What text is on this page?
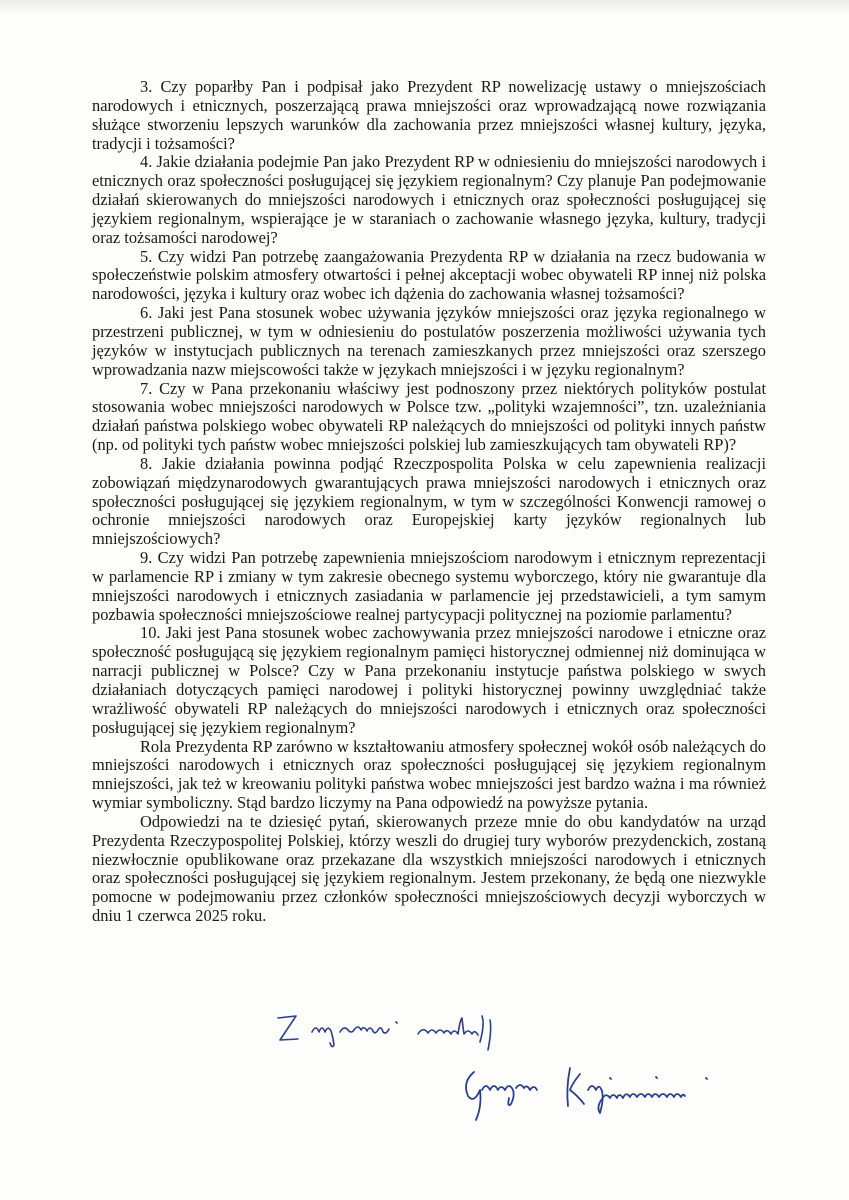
3. Czy poparłby Pan i podpisał jako Prezydent RP nowelizację ustawy o mniejszościach narodowych i etnicznych, poszerzającą prawa mniejszości oraz wprowadzającą nowe rozwiązania służące stworzeniu lepszych warunków dla zachowania przez mniejszości własnej kultury, języka, tradycji i tożsamości?

4. Jakie działania podejmie Pan jako Prezydent RP w odniesieniu do mniejszości narodowych i etnicznych oraz społeczności posługującej się językiem regionalnym? Czy planuje Pan podejmowanie działań skierowanych do mniejszości narodowych i etnicznych oraz społeczności posługującej się językiem regionalnym, wspierające je w staraniach o zachowanie własnego języka, kultury, tradycji oraz tożsamości narodowej?

5. Czy widzi Pan potrzebę zaangażowania Prezydenta RP w działania na rzecz budowania w społeczeństwie polskim atmosfery otwartości i pełnej akceptacji wobec obywateli RP innej niż polska narodowości, języka i kultury oraz wobec ich dążenia do zachowania własnej tożsamości?

6. Jaki jest Pana stosunek wobec używania języków mniejszości oraz języka regionalnego w przestrzeni publicznej, w tym w odniesieniu do postulatów poszerzenia możliwości używania tych języków w instytucjach publicznych na terenach zamieszkanych przez mniejszości oraz szerszego wprowadzania nazw miejscowości także w językach mniejszości i w języku regionalnym?

7. Czy w Pana przekonaniu właściwy jest podnoszony przez niektórych polityków postulat stosowania wobec mniejszości narodowych w Polsce tzw. „polityki wzajemności”, tzn. uzależniania działań państwa polskiego wobec obywateli RP należących do mniejszości od polityki innych państw (np. od polityki tych państw wobec mniejszości polskiej lub zamieszkujących tam obywateli RP)?

8. Jakie działania powinna podjąć Rzeczpospolita Polska w celu zapewnienia realizacji zobowiązań międzynarodowych gwarantujących prawa mniejszości narodowych i etnicznych oraz społeczności posługującej się językiem regionalnym, w tym w szczególności Konwencji ramowej o ochronie mniejszości narodowych oraz Europejskiej karty języków regionalnych lub mniejszościowych?

9. Czy widzi Pan potrzebę zapewnienia mniejszościom narodowym i etnicznym reprezentacji w parlamencie RP i zmiany w tym zakresie obecnego systemu wyborczego, który nie gwarantuje dla mniejszości narodowych i etnicznych zasiadania w parlamencie jej przedstawicieli, a tym samym pozbawia społeczności mniejszościowe realnej partycypacji politycznej na poziomie parlamentu?

10. Jaki jest Pana stosunek wobec zachowywania przez mniejszości narodowe i etniczne oraz społeczność posługującą się językiem regionalnym pamięci historycznej odmiennej niż dominująca w narracji publicznej w Polsce? Czy w Pana przekonaniu instytucje państwa polskiego w swych działaniach dotyczących pamięci narodowej i polityki historycznej powinny uwzględniać także wrażliwość obywateli RP należących do mniejszości narodowych i etnicznych oraz społeczności posługującej się językiem regionalnym?

Rola Prezydenta RP zarówno w kształtowaniu atmosfery społecznej wokół osób należących do mniejszości narodowych i etnicznych oraz społeczności posługującej się językiem regionalnym mniejszości, jak też w kreowaniu polityki państwa wobec mniejszości jest bardzo ważna i ma również wymiar symboliczny. Stąd bardzo liczymy na Pana odpowiedź na powyższe pytania.

Odpowiedzi na te dziesięć pytań, skierowanych przeze mnie do obu kandydatów na urząd Prezydenta Rzeczypospolitej Polskiej, którzy weszli do drugiej tury wyborów prezydenckich, zostaną niezwłocznie opublikowane oraz przekazane dla wszystkich mniejszości narodowych i etnicznych oraz społeczności posługującej się językiem regionalnym. Jestem przekonany, że będą one niezwykle pomocne w podejmowaniu przez członków społeczności mniejszościowych decyzji wyborczych w dniu 1 czerwca 2025 roku.
